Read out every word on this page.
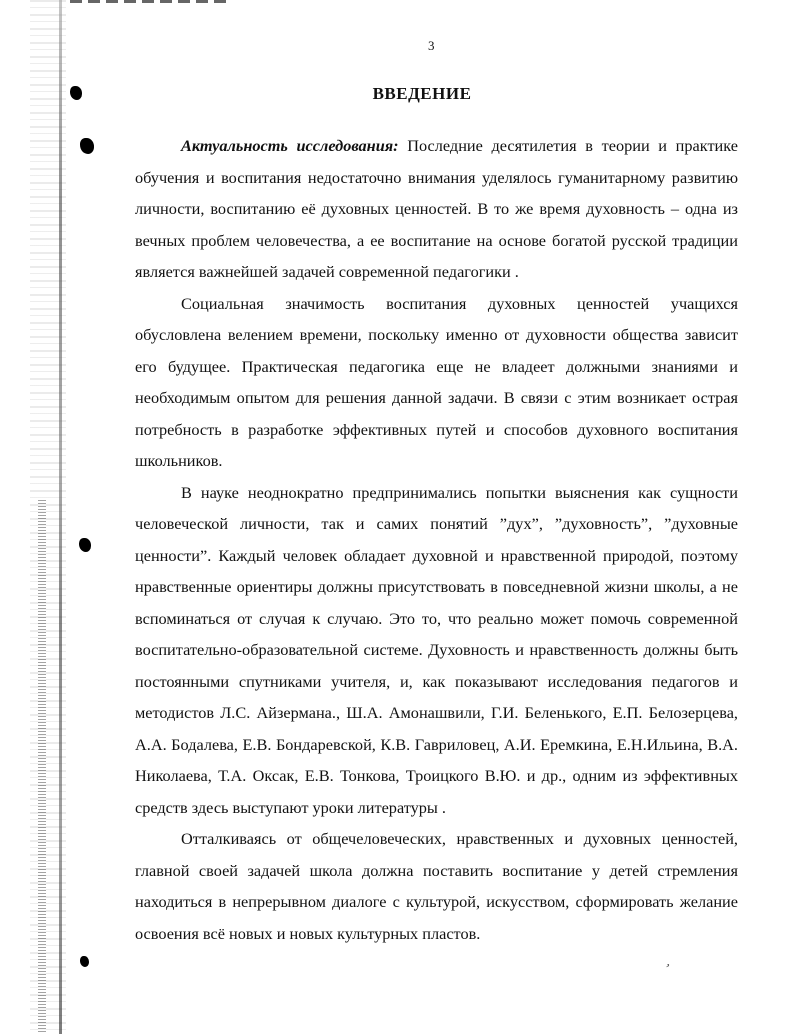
3

ВВЕДЕНИЕ

Актуальность исследования: Последние десятилетия в теории и практике обучения и воспитания недостаточно внимания уделялось гуманитарному развитию личности, воспитанию её духовных ценностей. В то же время духовность – одна из вечных проблем человечества, а ее воспитание на основе богатой русской традиции является важнейшей задачей современной педагогики .

Социальная значимость воспитания духовных ценностей учащихся обусловлена велением времени, поскольку именно от духовности общества зависит его будущее. Практическая педагогика еще не владеет должными знаниями и необходимым опытом для решения данной задачи. В связи с этим возникает острая потребность в разработке эффективных путей и способов духовного воспитания школьников.

В науке неоднократно предпринимались попытки выяснения как сущности человеческой личности, так и самих понятий ”дух”, ”духовность”, ”духовные ценности”. Каждый человек обладает духовной и нравственной природой, поэтому нравственные ориентиры должны присутствовать в повседневной жизни школы, а не вспоминаться от случая к случаю. Это то, что реально может помочь современной воспитательно-образовательной системе. Духовность и нравственность должны быть постоянными спутниками учителя, и, как показывают исследования педагогов и методистов Л.С. Айзермана., Ш.А. Амонашвили, Г.И. Беленького, Е.П. Белозерцева, А.А. Бодалева, Е.В. Бондаревской, К.В. Гавриловец, А.И. Еремкина, Е.Н.Ильина, В.А. Николаева, Т.А. Оксак, Е.В. Тонкова, Троицкого В.Ю. и др., одним из эффективных средств здесь выступают уроки литературы .

Отталкиваясь от общечеловеческих, нравственных и духовных ценностей, главной своей задачей школа должна поставить воспитание у детей стремления находиться в непрерывном диалоге с культурой, искусством, сформировать желание освоения всё новых и новых культурных пластов.

’
